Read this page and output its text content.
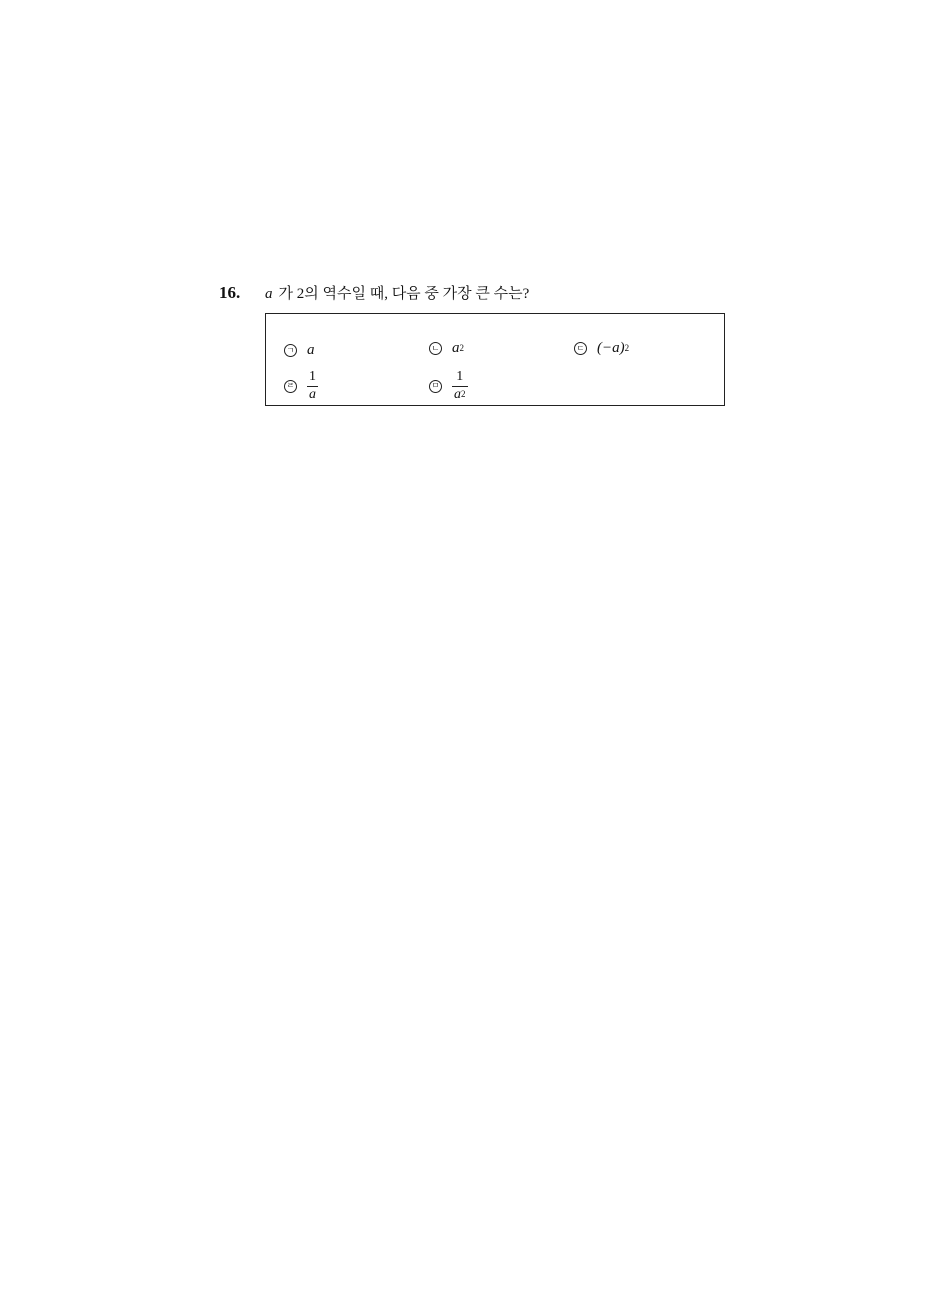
16.	a 가 2의 역수일 때, 다음 중 가장 큰 수는?
ㄱ a	ㄴ $a^2$	ㄷ $(-a)^2$
ㄹ $\frac{1}{a}$	ㅁ $\frac{1}{a^2}$
